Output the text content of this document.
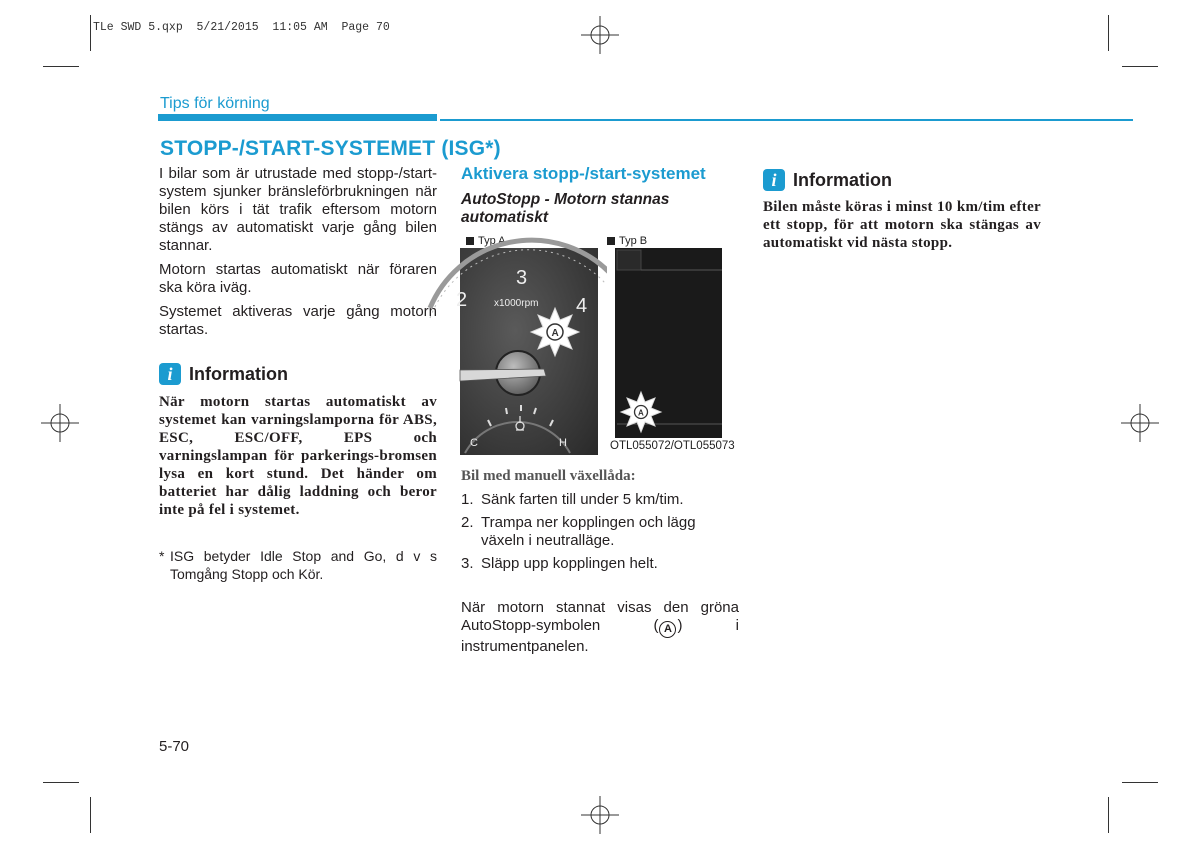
TLe SWD 5.qxp  5/21/2015  11:05 AM  Page 70
Tips för körning
STOPP-/START-SYSTEMET (ISG*)

I bilar som är utrustade med stopp-/start-system sjunker bränsleförbrukningen när bilen körs i tät trafik eftersom motorn stängs av automatiskt varje gång bilen stannar.

Motorn startas automatiskt när föraren ska köra iväg.

Systemet aktiveras varje gång motorn startas.

i Information
När motorn startas automatiskt av systemet kan varningslamporna för ABS, ESC, ESC/OFF, EPS och varningslampan för parkerings-bromsen lysa en kort stund. Det händer om batteriet har dålig laddning och beror inte på fel i systemet.
* ISG betyder Idle Stop and Go, d v s Tomgång Stopp och Kör.
Aktivera stopp-/start-systemet
AutoStopp - Motorn stannas automatiskt
Typ A	Typ B
3
2	4
x1000rpm
C	H
A
A
OTL055072/OTL055073
Bil med manuell växellåda:
1. Sänk farten till under 5 km/tim.
2. Trampa ner kopplingen och lägg växeln i neutralläge.
3. Släpp upp kopplingen helt.

När motorn stannat visas den gröna AutoStopp-symbolen ( A ) i instrumentpanelen.

i Information
Bilen måste köras i minst 10 km/tim efter ett stopp, för att motorn ska stängas av automatiskt vid nästa stopp.
5-70
